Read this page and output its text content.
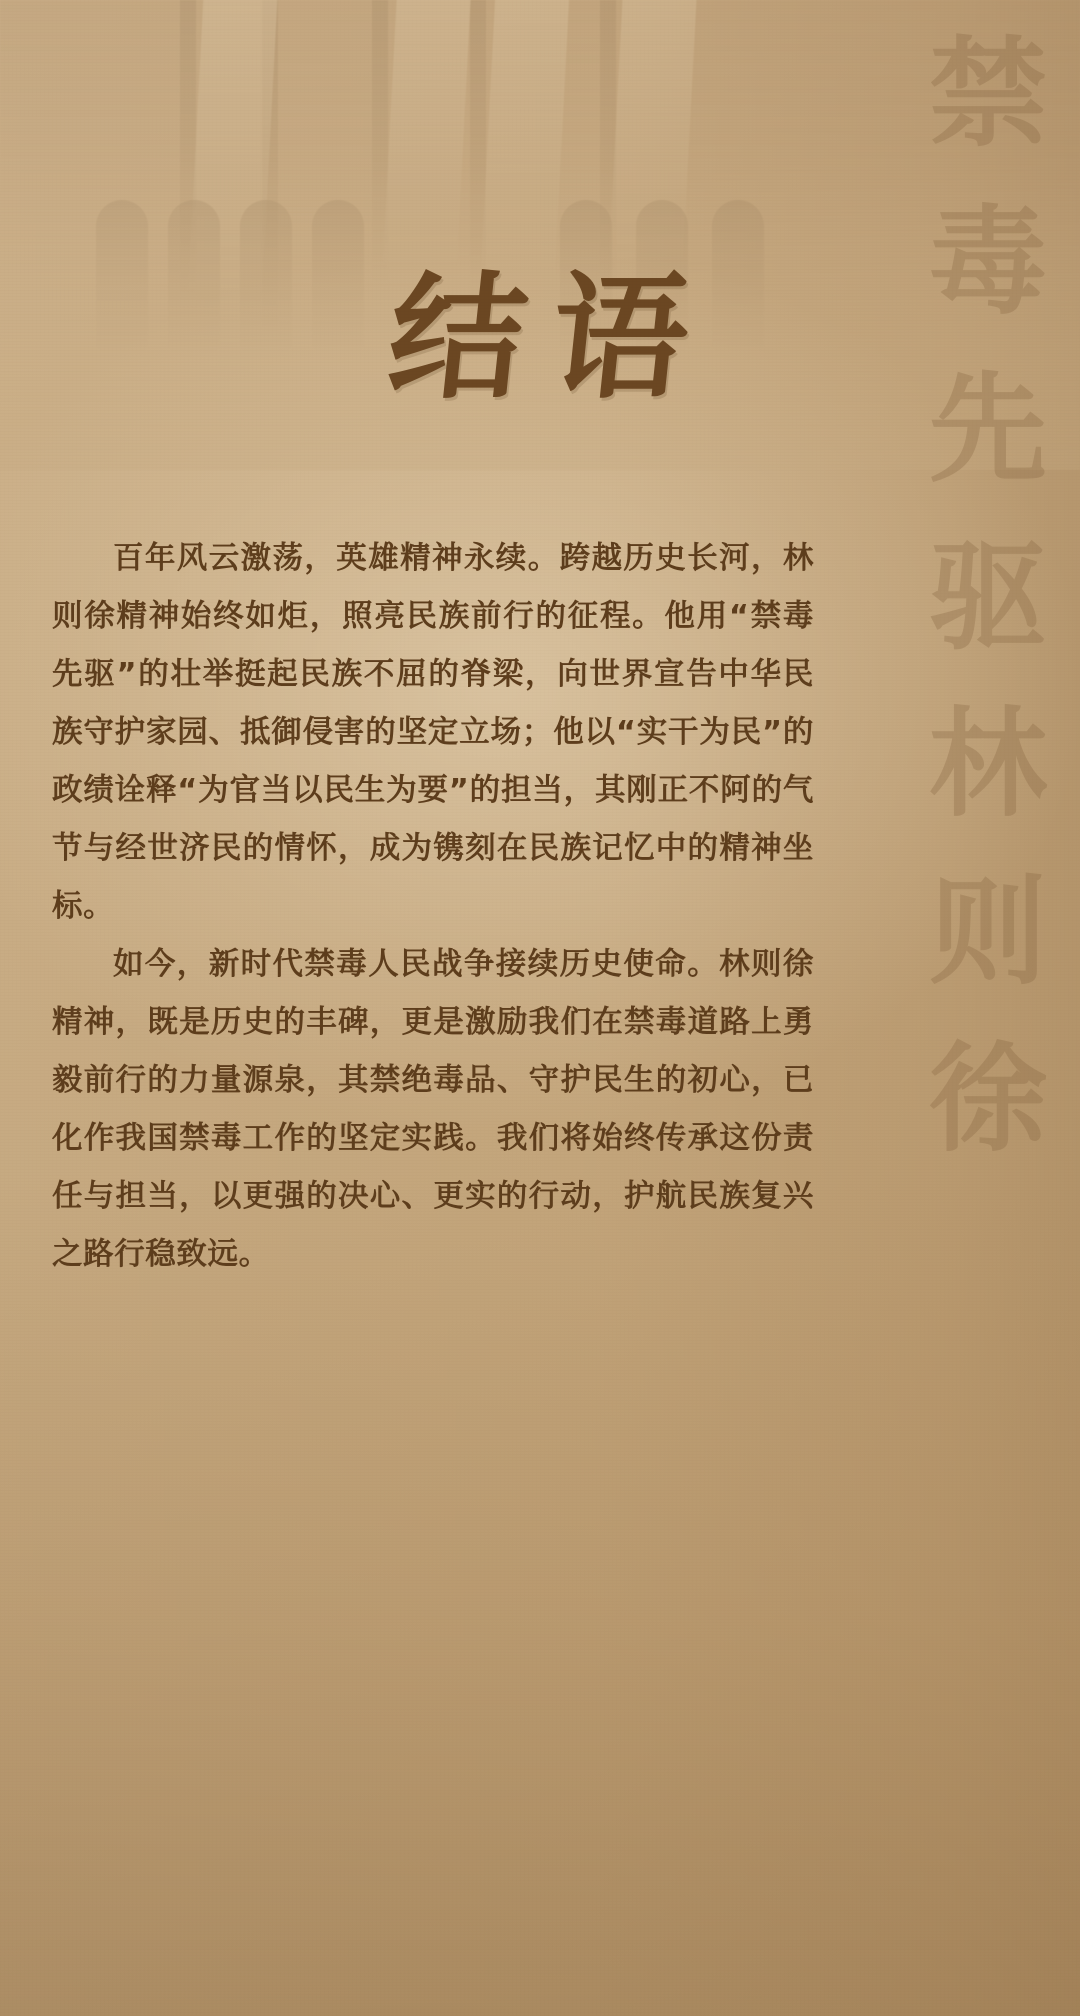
禁
毒
先
驱
林
则
徐
结语

百年风云激荡，英雄精神永续。跨越历史长河，林则徐精神始终如炬，照亮民族前行的征程。他用“禁毒先驱”的壮举挺起民族不屈的脊梁，向世界宣告中华民族守护家园、抵御侵害的坚定立场；他以“实干为民”的政绩诠释“为官当以民生为要”的担当，其刚正不阿的气节与经世济民的情怀，成为镌刻在民族记忆中的精神坐标。

如今，新时代禁毒人民战争接续历史使命。林则徐精神，既是历史的丰碑，更是激励我们在禁毒道路上勇毅前行的力量源泉，其禁绝毒品、守护民生的初心，已化作我国禁毒工作的坚定实践。我们将始终传承这份责任与担当，以更强的决心、更实的行动，护航民族复兴之路行稳致远。
